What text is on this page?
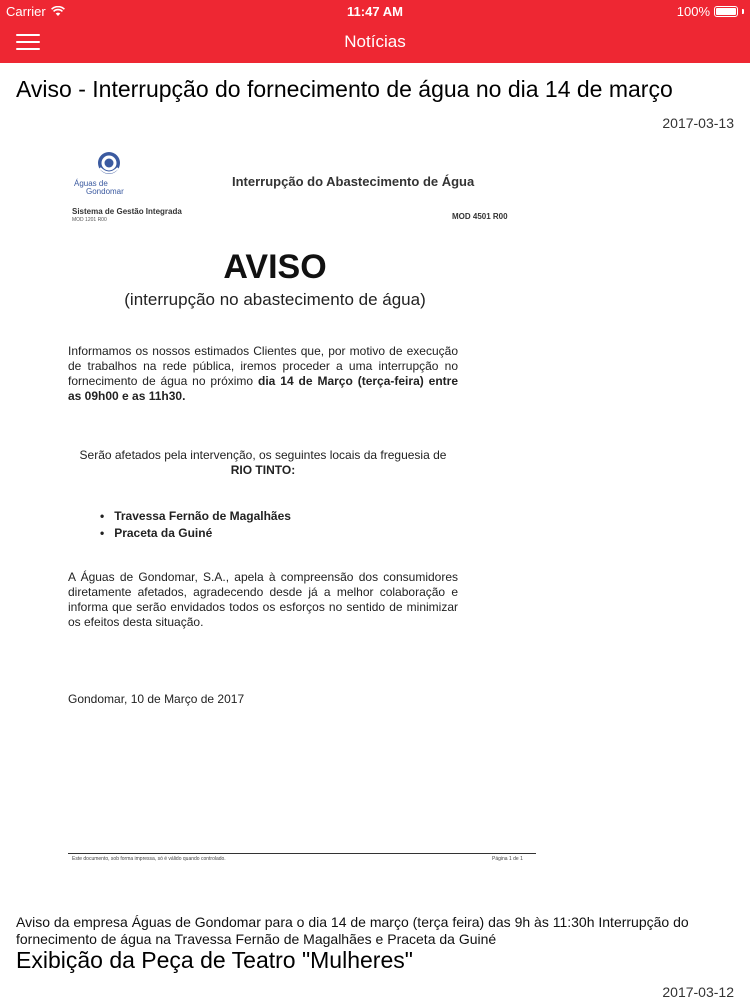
Carrier	11:47 AM	100%
Notícias
Aviso - Interrupção do fornecimento de água no dia 14 de março
2017-03-13
Águas de
Gondomar
Interrupção do Abastecimento de Água
Sistema de Gestão Integrada
MOD 1201 R00	MOD 4501 R00
AVISO
(interrupção no abastecimento de água)
Informamos os nossos estimados Clientes que, por motivo de execução de trabalhos na rede pública, iremos proceder a uma interrupção no fornecimento de água no próximo dia 14 de Março (terça-feira) entre as 09h00 e as 11h30.
Serão afetados pela intervenção, os seguintes locais da freguesia de RIO TINTO:
• Travessa Fernão de Magalhães
• Praceta da Guiné
A Águas de Gondomar, S.A., apela à compreensão dos consumidores diretamente afetados, agradecendo desde já a melhor colaboração e informa que serão envidados todos os esforços no sentido de minimizar os efeitos desta situação.
Gondomar, 10 de Março de 2017
Este documento, sob forma impressa, só é válido quando controlado.	Página 1 de 1
Aviso da empresa Águas de Gondomar para o dia 14 de março (terça feira) das 9h às 11:30h Interrupção do fornecimento de água na Travessa Fernão de Magalhães e Praceta da Guiné
Exibição da Peça de Teatro "Mulheres"
2017-03-12
